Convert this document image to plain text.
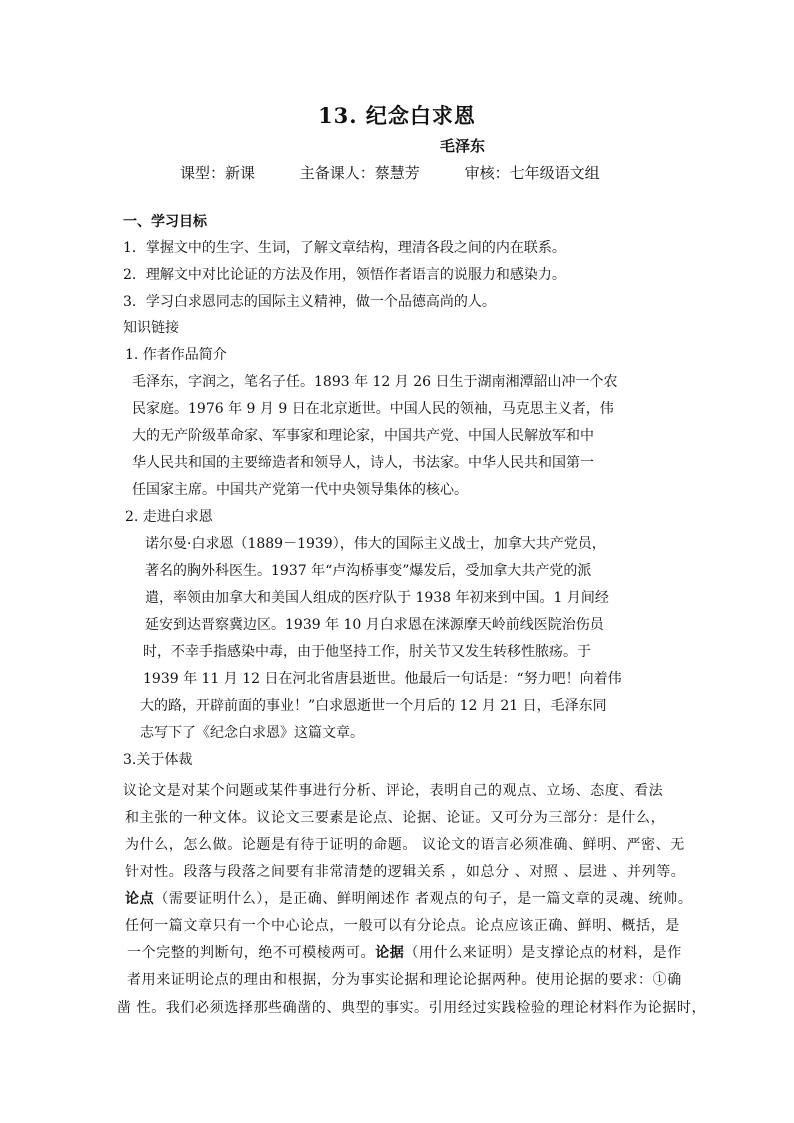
13. 纪念白求恩
毛泽东
课型：新课	主备课人：蔡慧芳	审核：七年级语文组
一、学习目标
1．掌握文中的生字、生词，了解文章结构，理清各段之间的内在联系。
2．理解文中对比论证的方法及作用，领悟作者语言的说服力和感染力。
3．学习白求恩同志的国际主义精神，做一个品德高尚的人。
知识链接
1. 作者作品简介
毛泽东，字润之，笔名子任。1893 年 12 月 26 日生于湖南湘潭韶山冲一个农
民家庭。1976 年 9 月 9 日在北京逝世。中国人民的领袖，马克思主义者，伟
大的无产阶级革命家、军事家和理论家，中国共产党、中国人民解放军和中
华人民共和国的主要缔造者和领导人，诗人，书法家。中华人民共和国第一
任国家主席。中国共产党第一代中央领导集体的核心。
2. 走进白求恩
诺尔曼·白求恩（1889－1939），伟大的国际主义战士，加拿大共产党员，
著名的胸外科医生。1937 年“卢沟桥事变”爆发后，受加拿大共产党的派
遣，率领由加拿大和美国人组成的医疗队于 1938 年初来到中国。1 月间经
延安到达晋察冀边区。1939 年 10 月白求恩在涞源摩天岭前线医院治伤员
时，不幸手指感染中毒，由于他坚持工作，肘关节又发生转移性脓疡。于
1939 年 11 月 12 日在河北省唐县逝世。他最后一句话是：“努力吧！向着伟
大的路，开辟前面的事业！”白求恩逝世一个月后的 12 月 21 日，毛泽东同
志写下了《纪念白求恩》这篇文章。
3.关于体裁
议论文是对某个问题或某件事进行分析、评论，表明自己的观点、立场、态度、看法
和主张的一种文体。议论文三要素是论点、论据、论证。又可分为三部分：是什么，
为什么，怎么做。论题是有待于证明的命题。 议论文的语言必须准确、鲜明、严密、无
针对性。段落与段落之间要有非常清楚的逻辑关系 ，如总分 、对照 、层进 、并列等。
论点（需要证明什么），是正确、鲜明阐述作 者观点的句子，是一篇文章的灵魂、统帅。
任何一篇文章只有一个中心论点，一般可以有分论点。论点应该正确、鲜明、概括，是
一个完整的判断句，绝不可模棱两可。论据（用什么来证明）是支撑论点的材料，是作
者用来证明论点的理由和根据，分为事实论据和理论论据两种。使用论据的要求：①确
凿 性。我们必须选择那些确凿的、典型的事实。引用经过实践检验的理论材料作为论据时，
